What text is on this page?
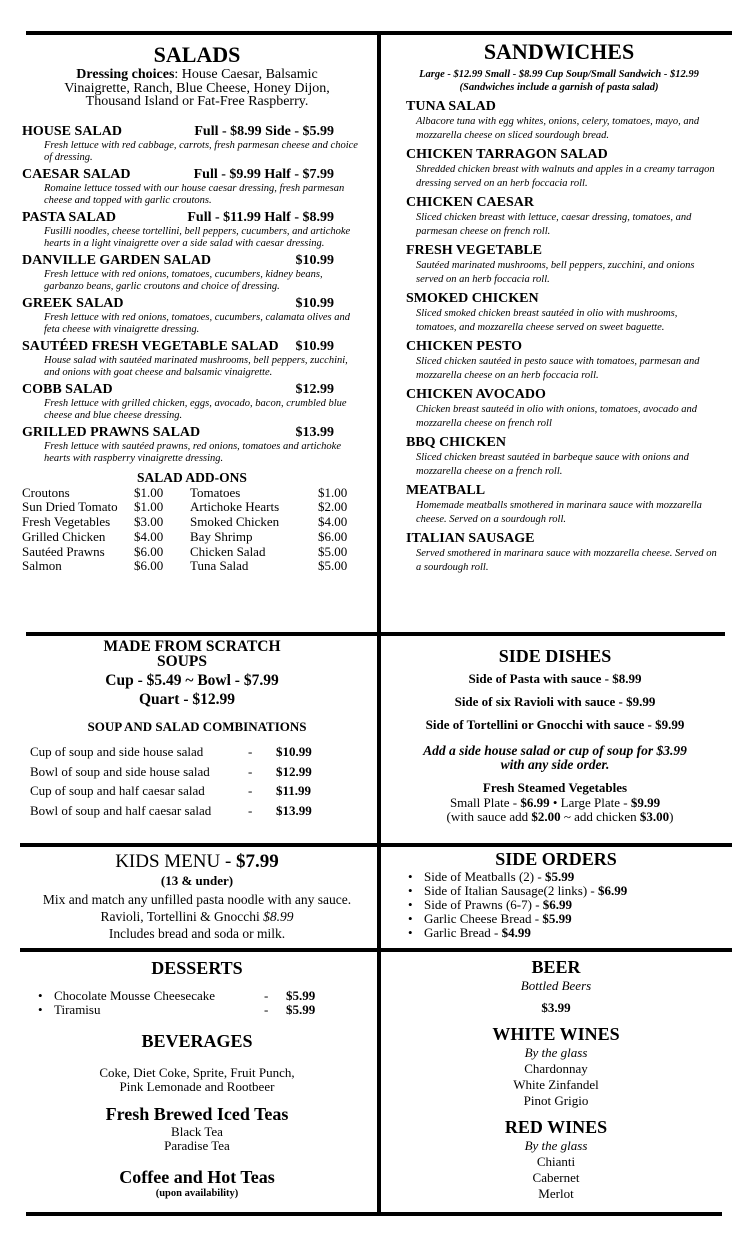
SALADS
Dressing choices: House Caesar, Balsamic Vinaigrette, Ranch, Blue Cheese, Honey Dijon, Thousand Island or Fat-Free Raspberry.
HOUSE SALAD	Full - $8.99 Side - $5.99
Fresh lettuce with red cabbage, carrots, fresh parmesan cheese and choice of dressing.
CAESAR SALAD	Full - $9.99 Half - $7.99
Romaine lettuce tossed with our house caesar dressing, fresh parmesan cheese and topped with garlic croutons.
PASTA SALAD	Full - $11.99 Half - $8.99
Fusilli noodles, cheese tortellini, bell peppers, cucumbers, and artichoke hearts in a light vinaigrette over a side salad with caesar dressing.
DANVILLE GARDEN SALAD	$10.99
Fresh lettuce with red onions, tomatoes, cucumbers, kidney beans, garbanzo beans, garlic croutons and choice of dressing.
GREEK SALAD	$10.99
Fresh lettuce with red onions, tomatoes, cucumbers, calamata olives and feta cheese with vinaigrette dressing.
SAUTÉED FRESH VEGETABLE SALAD $10.99
House salad with sautéed marinated mushrooms, bell peppers, zucchini, and onions with goat cheese and balsamic vinaigrette.
COBB SALAD	$12.99
Fresh lettuce with grilled chicken, eggs, avocado, bacon, crumbled blue cheese and blue cheese dressing.
GRILLED PRAWNS SALAD	$13.99
Fresh lettuce with sautéed prawns, red onions, tomatoes and artichoke hearts with raspberry vinaigrette dressing.
SALAD ADD-ONS
Croutons	$1.00	Tomatoes	$1.00
Sun Dried Tomato	$1.00	Artichoke Hearts	$2.00
Fresh Vegetables	$3.00	Smoked Chicken	$4.00
Grilled Chicken	$4.00	Bay Shrimp	$6.00
Sautéed Prawns	$6.00	Chicken Salad	$5.00
Salmon	$6.00	Tuna Salad	$5.00
SANDWICHES
Large - $12.99 Small - $8.99 Cup Soup/Small Sandwich - $12.99
(Sandwiches include a garnish of pasta salad)
TUNA SALAD
Albacore tuna with egg whites, onions, celery, tomatoes, mayo, and mozzarella cheese on sliced sourdough bread.
CHICKEN TARRAGON SALAD
Shredded chicken breast with walnuts and apples in a creamy tarragon dressing served on an herb foccacia roll.
CHICKEN CAESAR
Sliced chicken breast with lettuce, caesar dressing, tomatoes, and parmesan cheese on french roll.
FRESH VEGETABLE
Sautéed marinated mushrooms, bell peppers, zucchini, and onions served on an herb foccacia roll.
SMOKED CHICKEN
Sliced smoked chicken breast sautéed in olio with mushrooms, tomatoes, and mozzarella cheese served on sweet baguette.
CHICKEN PESTO
Sliced chicken sautéed in pesto sauce with tomatoes, parmesan and mozzarella cheese on an herb foccacia roll.
CHICKEN AVOCADO
Chicken breast sauteéd in olio with onions, tomatoes, avocado and mozzarella cheese on french roll
BBQ CHICKEN
Sliced chicken breast sautéed in barbeque sauce with onions and mozzarella cheese on a french roll.
MEATBALL
Homemade meatballs smothered in marinara sauce with mozzarella cheese. Served on a sourdough roll.
ITALIAN SAUSAGE
Served smothered in marinara sauce with mozzarella cheese. Served on a sourdough roll.
MADE FROM SCRATCH
SOUPS
Cup - $5.49 ~ Bowl - $7.99
Quart - $12.99
SOUP AND SALAD COMBINATIONS
Cup of soup and side house salad	-	$10.99
Bowl of soup and side house salad	-	$12.99
Cup of soup and half caesar salad	-	$11.99
Bowl of soup and half caesar salad	-	$13.99
SIDE DISHES
Side of Pasta with sauce - $8.99
Side of six Ravioli with sauce - $9.99
Side of Tortellini or Gnocchi with sauce - $9.99
Add a side house salad or cup of soup for $3.99 with any side order.
Fresh Steamed Vegetables
Small Plate - $6.99 • Large Plate - $9.99
(with sauce add $2.00 ~ add chicken $3.00)
KIDS MENU - $7.99
(13 & under)
Mix and match any unfilled pasta noodle with any sauce. Ravioli, Tortellini & Gnocchi $8.99
Includes bread and soda or milk.
SIDE ORDERS
• Side of Meatballs (2) - $5.99
• Side of Italian Sausage(2 links) - $6.99
• Side of Prawns (6-7) - $6.99
• Garlic Cheese Bread - $5.99
• Garlic Bread - $4.99
DESSERTS
• Chocolate Mousse Cheesecake	-	$5.99
• Tiramisu	-	$5.99
BEVERAGES
Coke, Diet Coke, Sprite, Fruit Punch, Pink Lemonade and Rootbeer
Fresh Brewed Iced Teas
Black Tea
Paradise Tea
Coffee and Hot Teas
(upon availability)
BEER
Bottled Beers
$3.99
WHITE WINES
By the glass
Chardonnay
White Zinfandel
Pinot Grigio
RED WINES
By the glass
Chianti
Cabernet
Merlot
